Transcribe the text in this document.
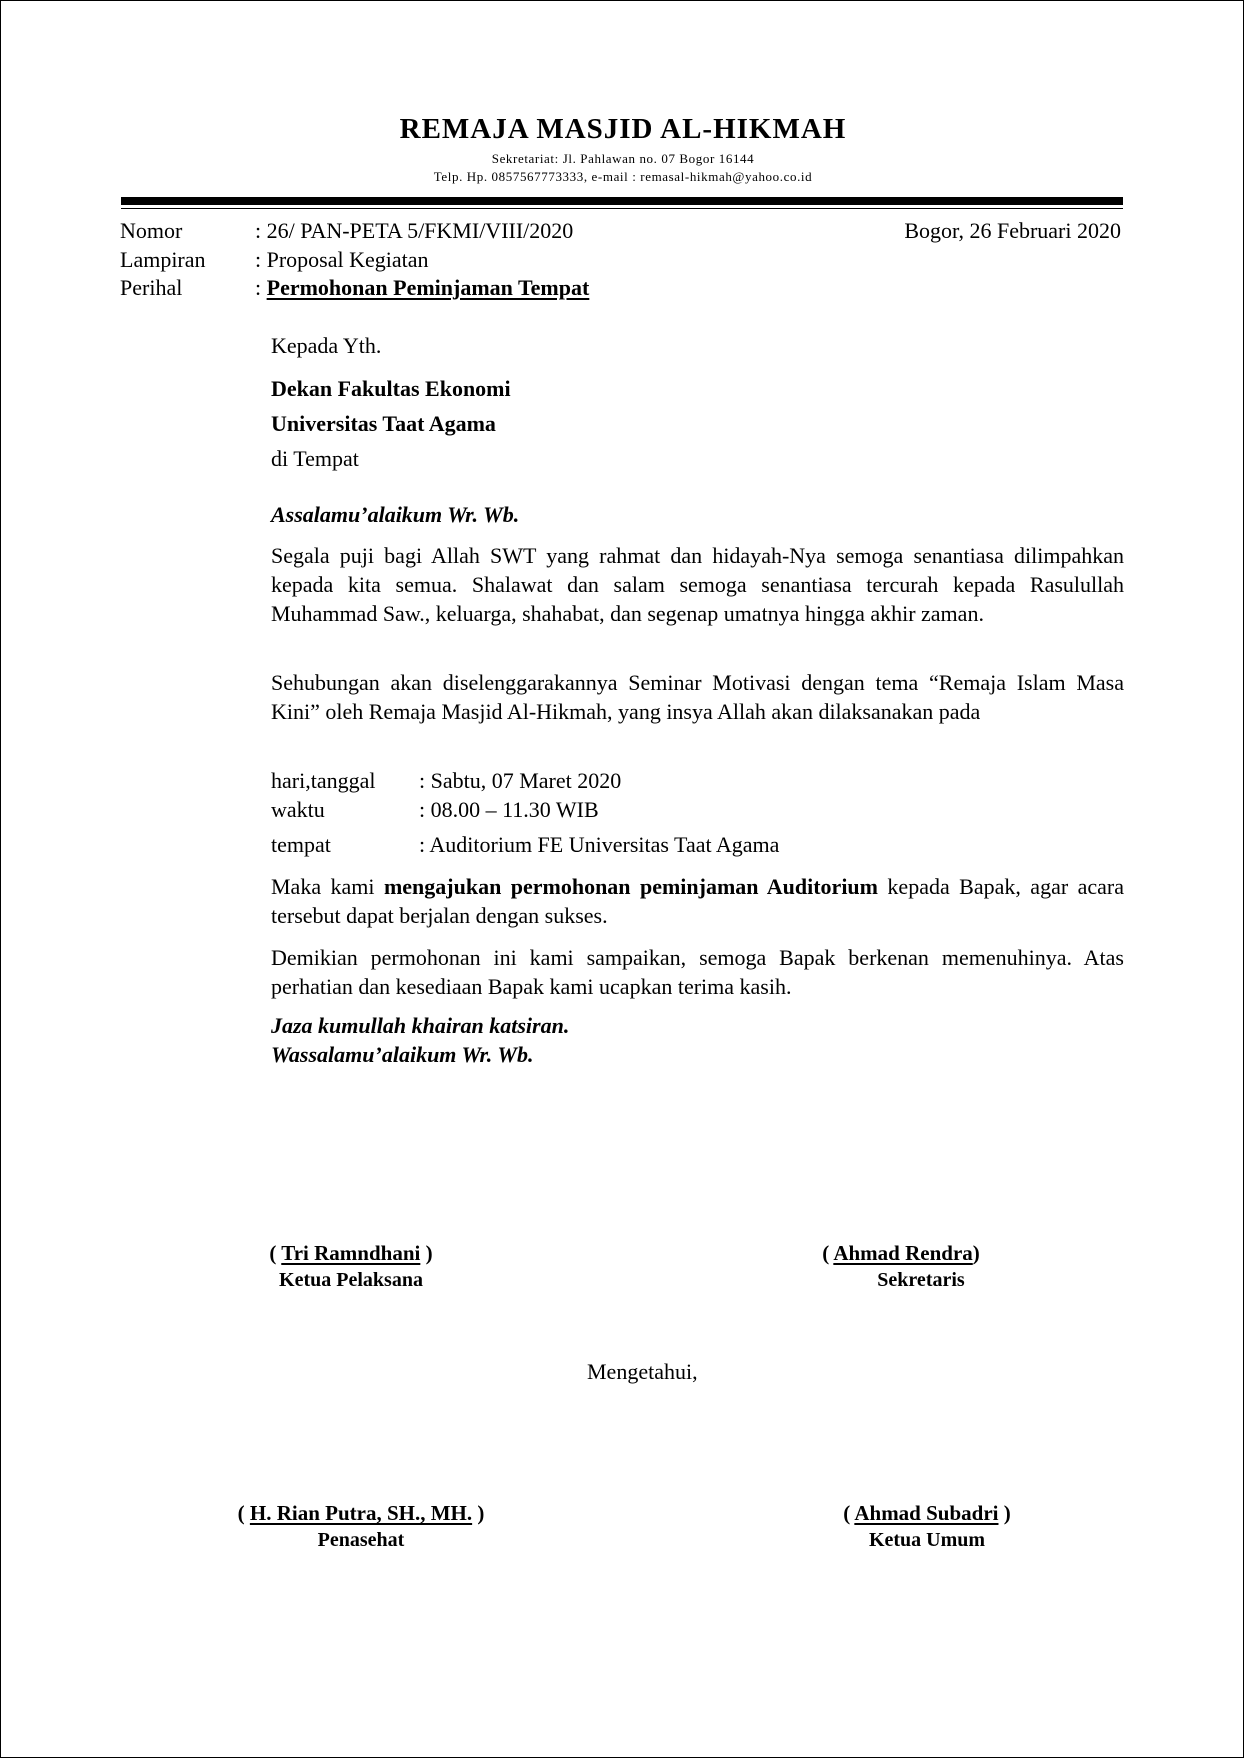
REMAJA MASJID AL-HIKMAH
Sekretariat: Jl. Pahlawan no. 07 Bogor 16144
Telp. Hp. 0857567773333, e-mail : remasal-hikmah@yahoo.co.id
Nomor	: 26/ PAN-PETA 5/FKMI/VIII/2020	Bogor, 26 Februari 2020
Lampiran : Proposal Kegiatan
Perihal	: Permohonan Peminjaman Tempat
Kepada Yth.
Dekan Fakultas Ekonomi
Universitas Taat Agama
di Tempat
Assalamu’alaikum Wr. Wb.
Segala puji bagi Allah SWT yang rahmat dan hidayah-Nya semoga senantiasa dilimpahkan kepada kita semua. Shalawat dan salam semoga senantiasa tercurah kepada Rasulullah Muhammad Saw., keluarga, shahabat, dan segenap umatnya hingga akhir zaman.
Sehubungan akan diselenggarakannya Seminar Motivasi dengan tema “Remaja Islam Masa Kini” oleh Remaja Masjid Al-Hikmah, yang insya Allah akan dilaksanakan pada
hari,tanggal : Sabtu, 07 Maret 2020
waktu	: 08.00 – 11.30 WIB
tempat	: Auditorium FE Universitas Taat Agama
Maka kami mengajukan permohonan peminjaman Auditorium kepada Bapak, agar acara tersebut dapat berjalan dengan sukses.
Demikian permohonan ini kami sampaikan, semoga Bapak berkenan memenuhinya. Atas perhatian dan kesediaan Bapak kami ucapkan terima kasih.
Jaza kumullah khairan katsiran.
Wassalamu’alaikum Wr. Wb.
( Tri Ramndhani )
Ketua Pelaksana
( Ahmad Rendra)
Sekretaris
Mengetahui,
( H. Rian Putra, SH., MH. )
Penasehat
( Ahmad Subadri )
Ketua Umum
